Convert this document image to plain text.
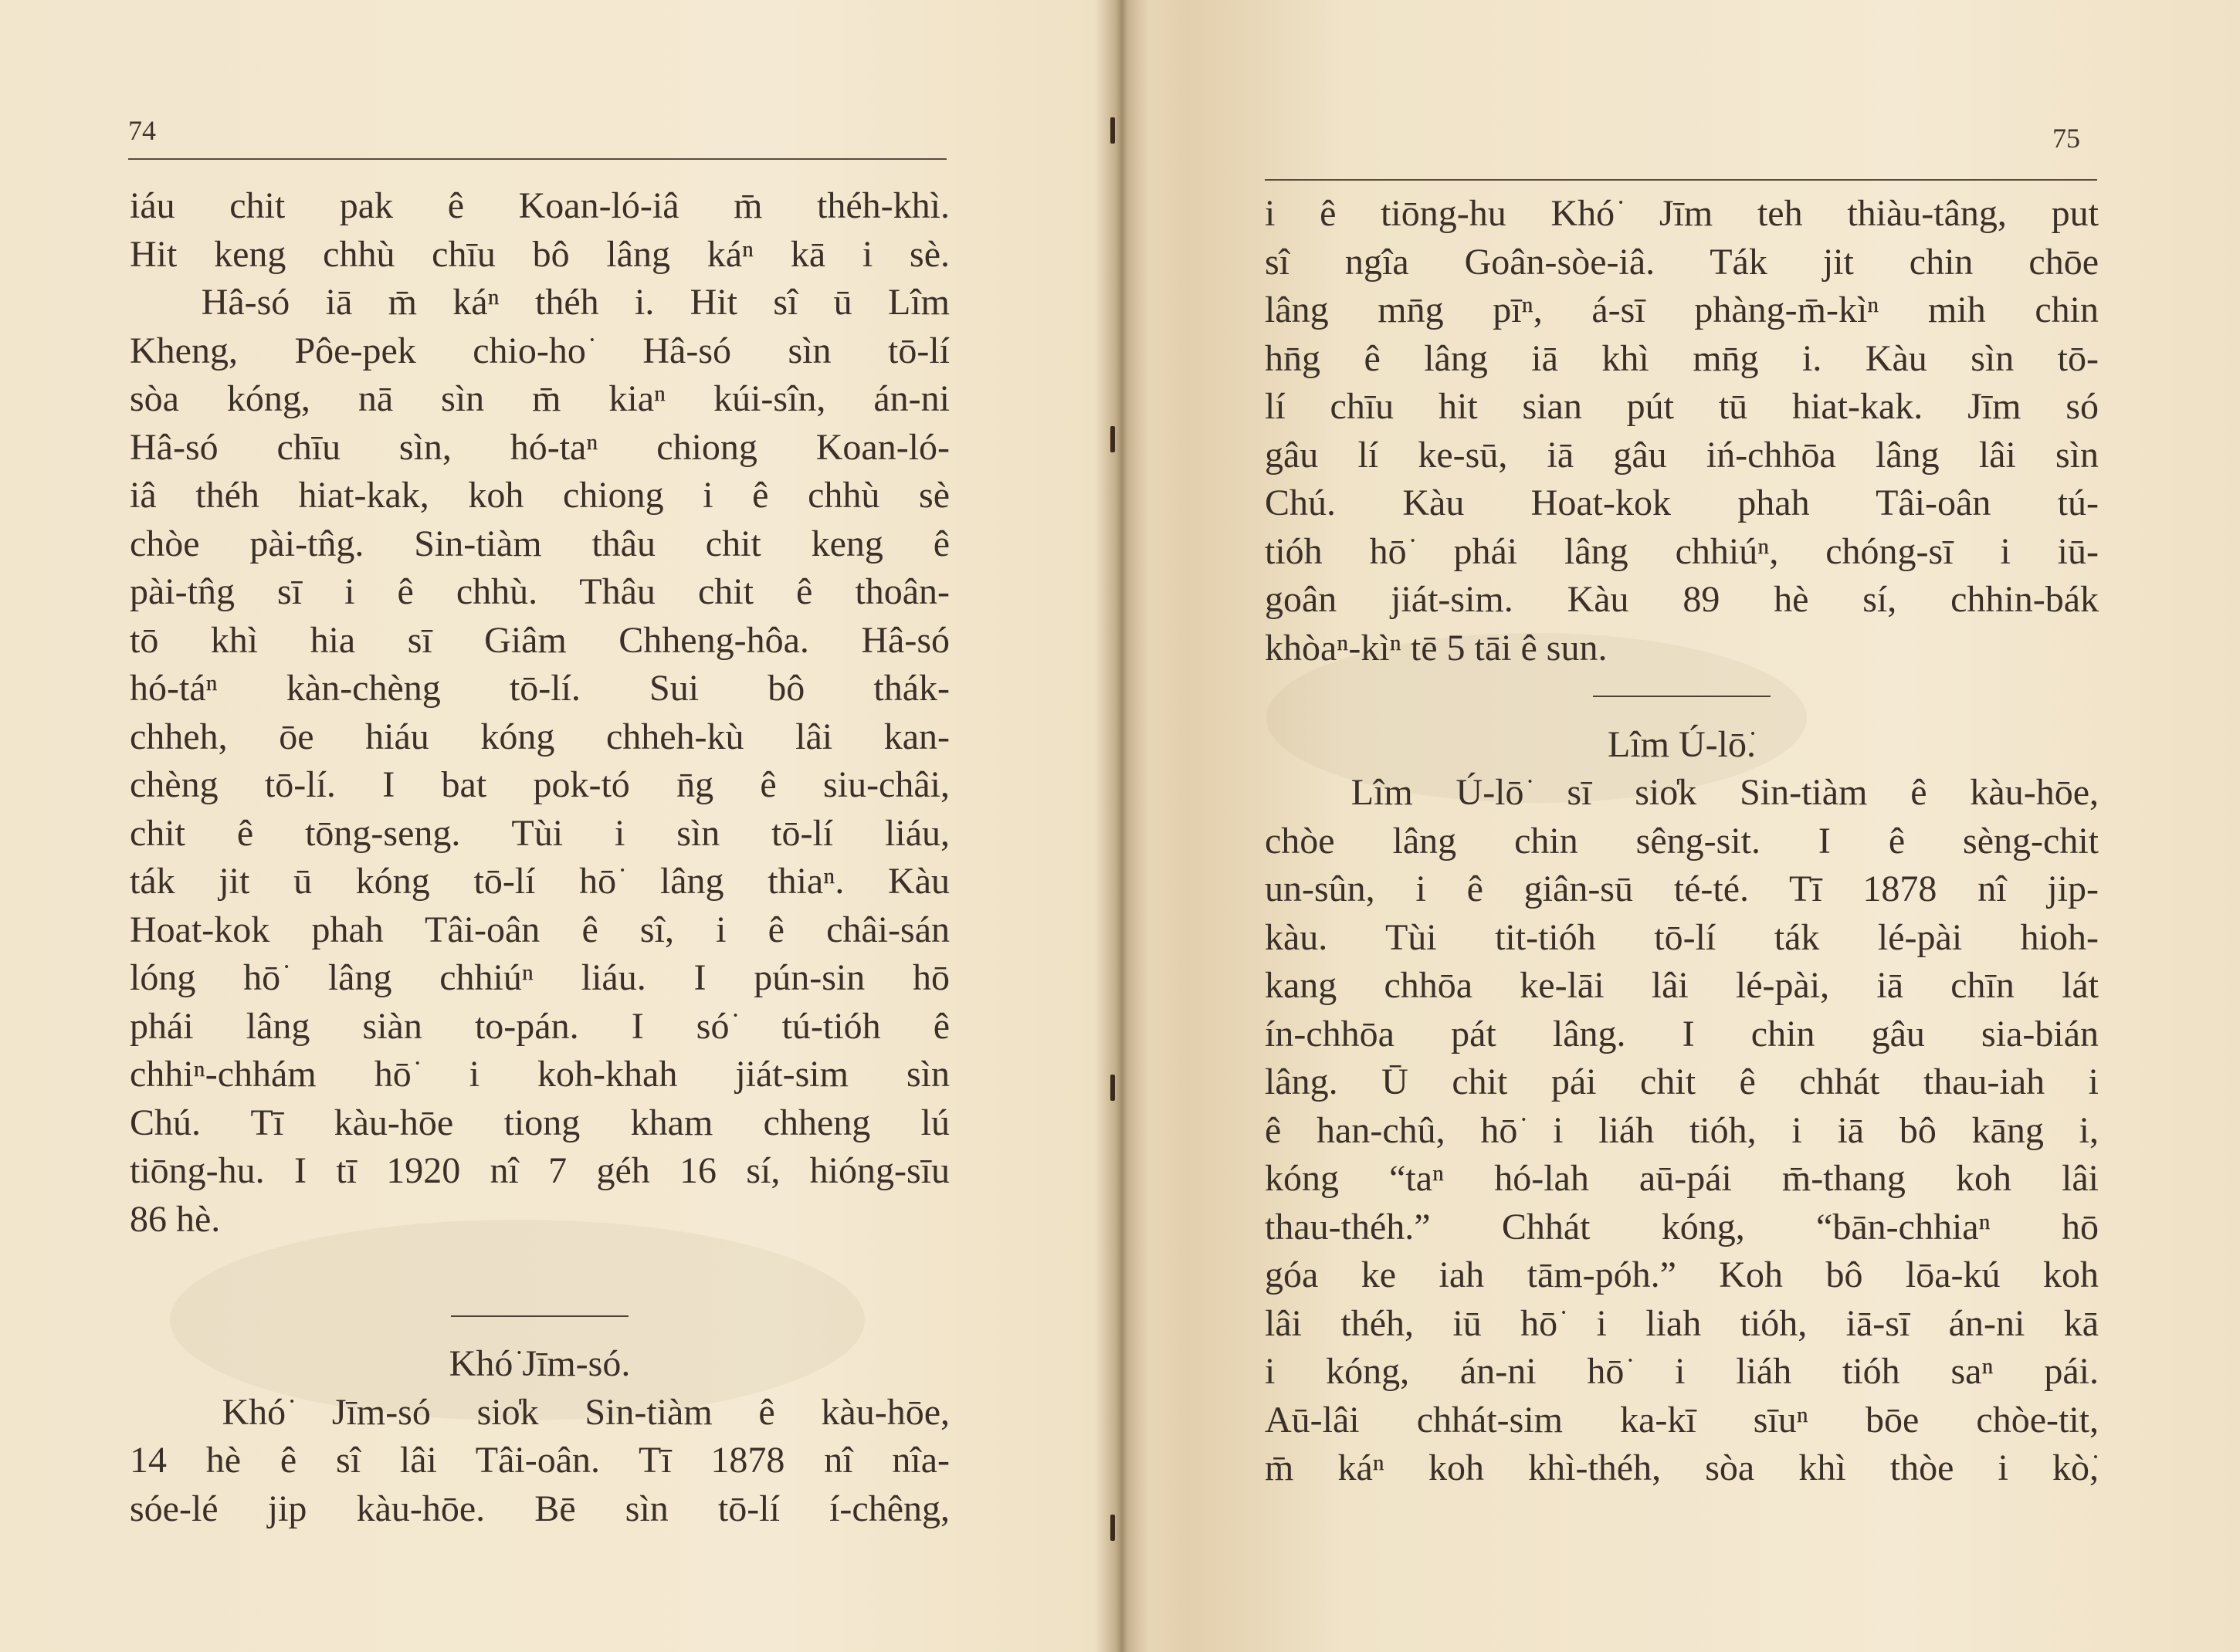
74
iáu chit pak ê Koan-ló-iâ m̄ théh-khì.
Hit keng chhù chīu bô lâng káⁿ kā i sè.
Hâ-só iā m̄ káⁿ théh i. Hit sî ū Lîm
Kheng, Pôe-pek chio-ho͘ Hâ-só sìn tō-lí
sòa kóng, nā sìn m̄ kiaⁿ kúi-sîn, án-ni
Hâ-só chīu sìn, hó-taⁿ chiong Koan-ló-
iâ théh hiat-kak, koh chiong i ê chhù sè
chòe pài-tn̂g. Sin-tiàm thâu chit keng ê
pài-tn̂g sī i ê chhù. Thâu chit ê thoân-
tō khì hia sī Giâm Chheng-hôa. Hâ-só
hó-táⁿ kàn-chèng tō-lí. Sui bô thák-
chheh, ōe hiáu kóng chheh-kù lâi kan-
chèng tō-lí. I bat pok-tó n̄g ê siu-châi,
chit ê tōng-seng. Tùi i sìn tō-lí liáu,
ták jit ū kóng tō-lí hō͘ lâng thiaⁿ. Kàu
Hoat-kok phah Tâi-oân ê sî, i ê châi-sán
lóng hō͘ lâng chhiúⁿ liáu. I pún-sin hō͘
phái lâng siàn to-pán. I só͘ tú-tióh ê
chhiⁿ-chhám hō͘ i koh-khah jiát-sim sìn
Chú. Tī kàu-hōe tiong kham chheng lú
tiōng-hu. I tī 1920 nî 7 géh 16 sí, hióng-sīu
86 hè.
Khó͘ Jīm-só.
Khó͘ Jīm-só sio̍k Sin-tiàm ê kàu-hōe,
14 hè ê sî lâi Tâi-oân. Tī 1878 nî nîa-
sóe-lé jip kàu-hōe. Bē sìn tō-lí í-chêng,
75
i ê tiōng-hu Khó͘ Jīm teh thiàu-tâng, put
sî ngîa Goân-sòe-iâ. Ták jit chin chōe
lâng mn̄g pīⁿ, á-sī phàng-m̄-kìⁿ mih chin
hn̄g ê lâng iā khì mn̄g i. Kàu sìn tō-
lí chīu hit sian pút tū hiat-kak. Jīm só
gâu lí ke-sū, iā gâu iń-chhōa lâng lâi sìn
Chú. Kàu Hoat-kok phah Tâi-oân tú-
tióh hō͘ phái lâng chhiúⁿ, chóng-sī i iū-
goân jiát-sim. Kàu 89 hè sí, chhin-bák
khòaⁿ-kìⁿ tē 5 tāi ê sun.
Lîm Ú-lō͘.
Lîm Ú-lō͘ sī sio̍k Sin-tiàm ê kàu-hōe,
chòe lâng chin sêng-sit. I ê sèng-chit
un-sûn, i ê giân-sū té-té. Tī 1878 nî jip-
kàu. Tùi tit-tióh tō-lí ták lé-pài hioh-
kang chhōa ke-lāi lâi lé-pài, iā chīn lát
ín-chhōa pát lâng. I chin gâu sia-bián
lâng. Ū chit pái chit ê chhát thau-iah i
ê han-chû, hō͘ i liáh tióh, i iā bô kāng i,
kóng “taⁿ hó-lah aū-pái m̄-thang koh lâi
thau-théh.” Chhát kóng, “bān-chhiaⁿ hō͘
góa ke iah tām-póh.” Koh bô lōa-kú koh
lâi théh, iū hō͘ i liah tióh, iā-sī án-ni kā
i kóng, án-ni hō͘ i liáh tióh saⁿ pái.
Aū-lâi chhát-sim ka-kī sīuⁿ bōe chòe-tit,
m̄ káⁿ koh khì-théh, sòa khì thòe i kò͘,
